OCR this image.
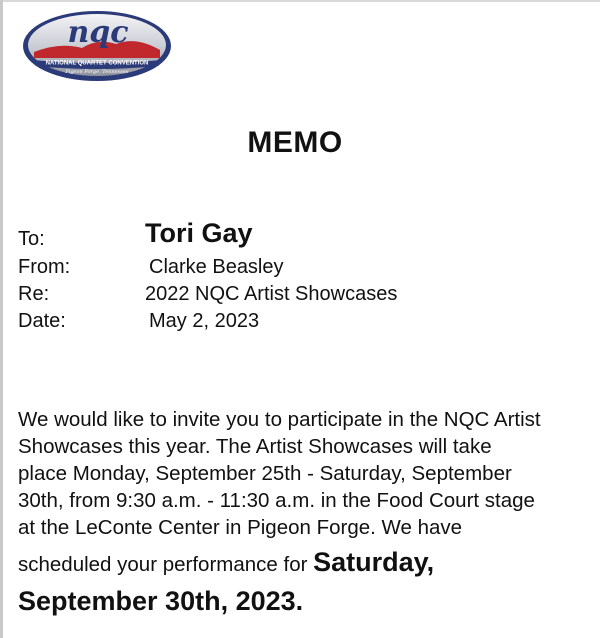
nqc
NATIONAL QUARTET CONVENTION
Pigeon Forge, Tennessee
MEMO
To:	Tori Gay
From:	Clarke Beasley
Re:	2022 NQC Artist Showcases
Date:	May 2, 2023
We would like to invite you to participate in the NQC Artist
Showcases this year. The Artist Showcases will take
place Monday, September 25th - Saturday, September
30th, from 9:30 a.m. - 11:30 a.m. in the Food Court stage
at the LeConte Center in Pigeon Forge. We have
scheduled your performance for Saturday,
September 30th, 2023.
